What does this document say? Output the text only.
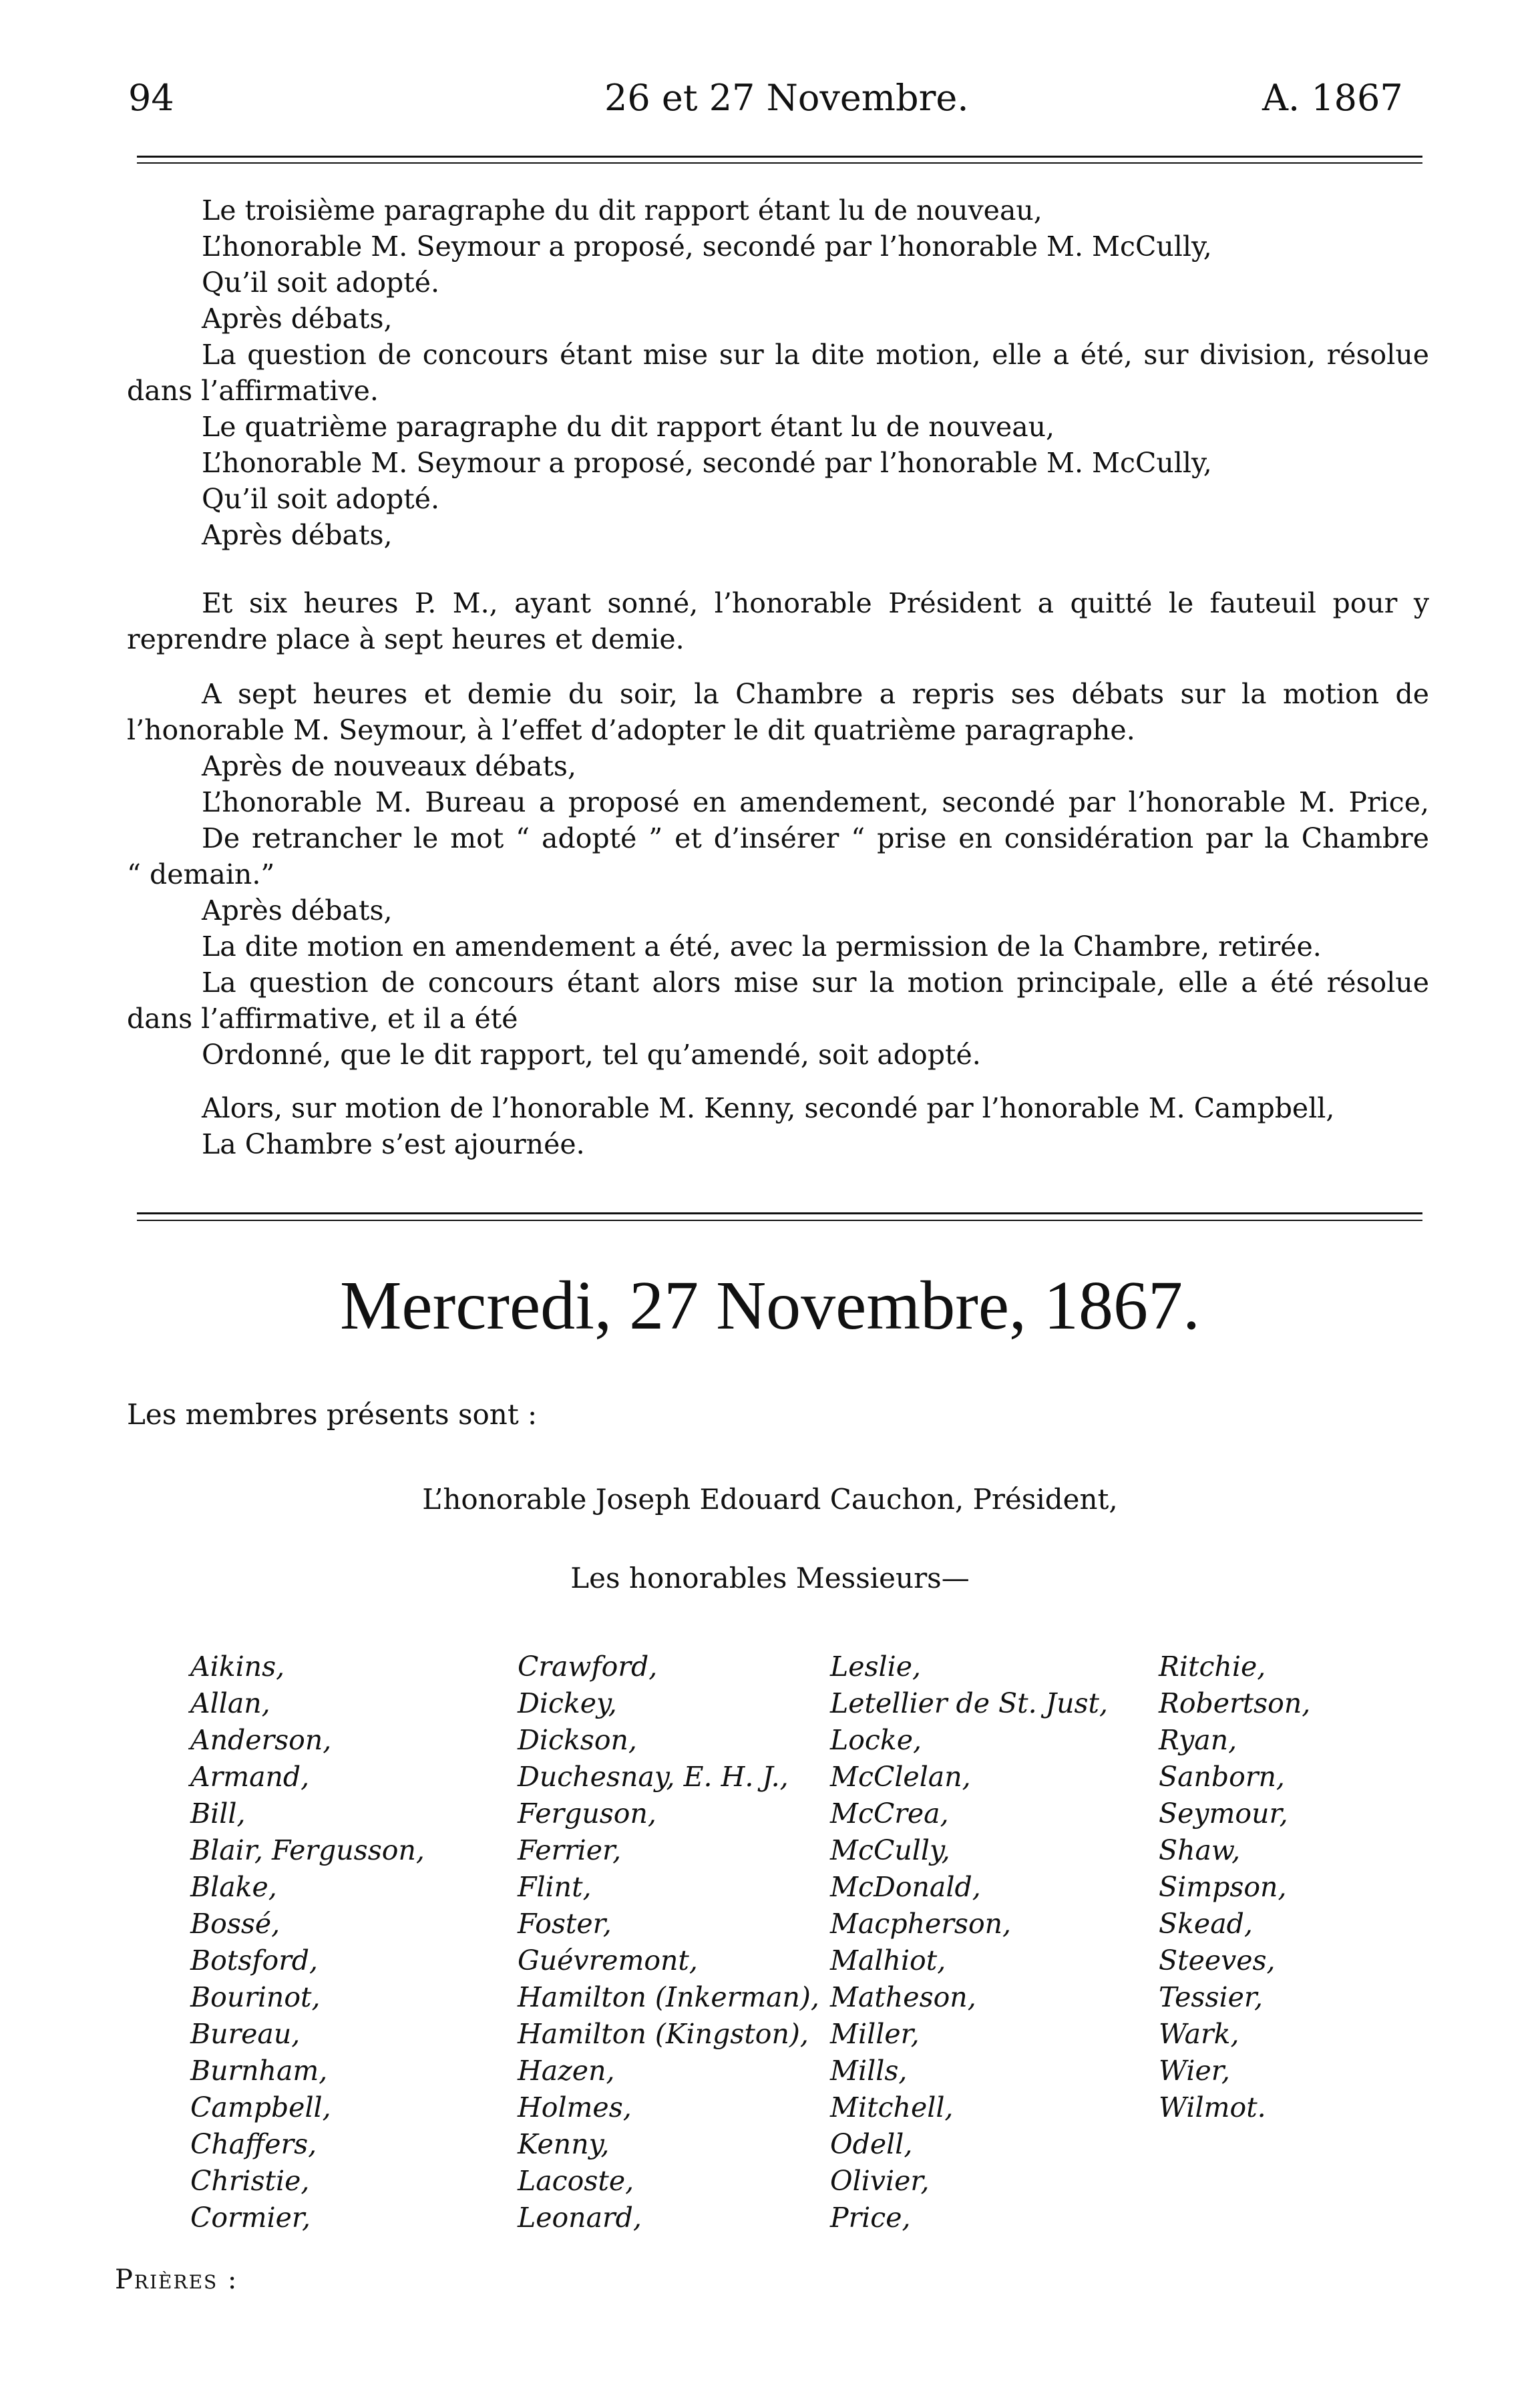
94	26 et 27 Novembre.	A. 1867
Le troisième paragraphe du dit rapport étant lu de nouveau,
L’honorable M. Seymour a proposé, secondé par l’honorable M. McCully,
Qu’il soit adopté.
Après débats,
La question de concours étant mise sur la dite motion, elle a été, sur division, résolue
dans l’affirmative.
Le quatrième paragraphe du dit rapport étant lu de nouveau,
L’honorable M. Seymour a proposé, secondé par l’honorable M. McCully,
Qu’il soit adopté.
Après débats,
Et six heures P. M., ayant sonné, l’honorable Président a quitté le fauteuil pour y
reprendre place à sept heures et demie.
A sept heures et demie du soir, la Chambre a repris ses débats sur la motion de
l’honorable M. Seymour, à l’effet d’adopter le dit quatrième paragraphe.
Après de nouveaux débats,
L’honorable M. Bureau a proposé en amendement, secondé par l’honorable M. Price,
De retrancher le mot “ adopté ” et d’insérer “ prise en considération par la Chambre
“ demain.”
Après débats,
La dite motion en amendement a été, avec la permission de la Chambre, retirée.
La question de concours étant alors mise sur la motion principale, elle a été résolue
dans l’affirmative, et il a été
Ordonné, que le dit rapport, tel qu’amendé, soit adopté.
Alors, sur motion de l’honorable M. Kenny, secondé par l’honorable M. Campbell,
La Chambre s’est ajournée.
Mercredi, 27 Novembre, 1867.
Les membres présents sont :
L’honorable Joseph Edouard Cauchon, Président,
Les honorables Messieurs—
Aikins,
Allan,
Anderson,
Armand,
Bill,
Blair, Fergusson,
Blake,
Bossé,
Botsford,
Bourinot,
Bureau,
Burnham,
Campbell,
Chaffers,
Christie,
Cormier,
Crawford,
Dickey,
Dickson,
Duchesnay, E. H. J.,
Ferguson,
Ferrier,
Flint,
Foster,
Guévremont,
Hamilton (Inkerman),
Hamilton (Kingston),
Hazen,
Holmes,
Kenny,
Lacoste,
Leonard,
Leslie,
Letellier de St. Just,
Locke,
McClelan,
McCrea,
McCully,
McDonald,
Macpherson,
Malhiot,
Matheson,
Miller,
Mills,
Mitchell,
Odell,
Olivier,
Price,
Ritchie,
Robertson,
Ryan,
Sanborn,
Seymour,
Shaw,
Simpson,
Skead,
Steeves,
Tessier,
Wark,
Wier,
Wilmot.
Prières :
